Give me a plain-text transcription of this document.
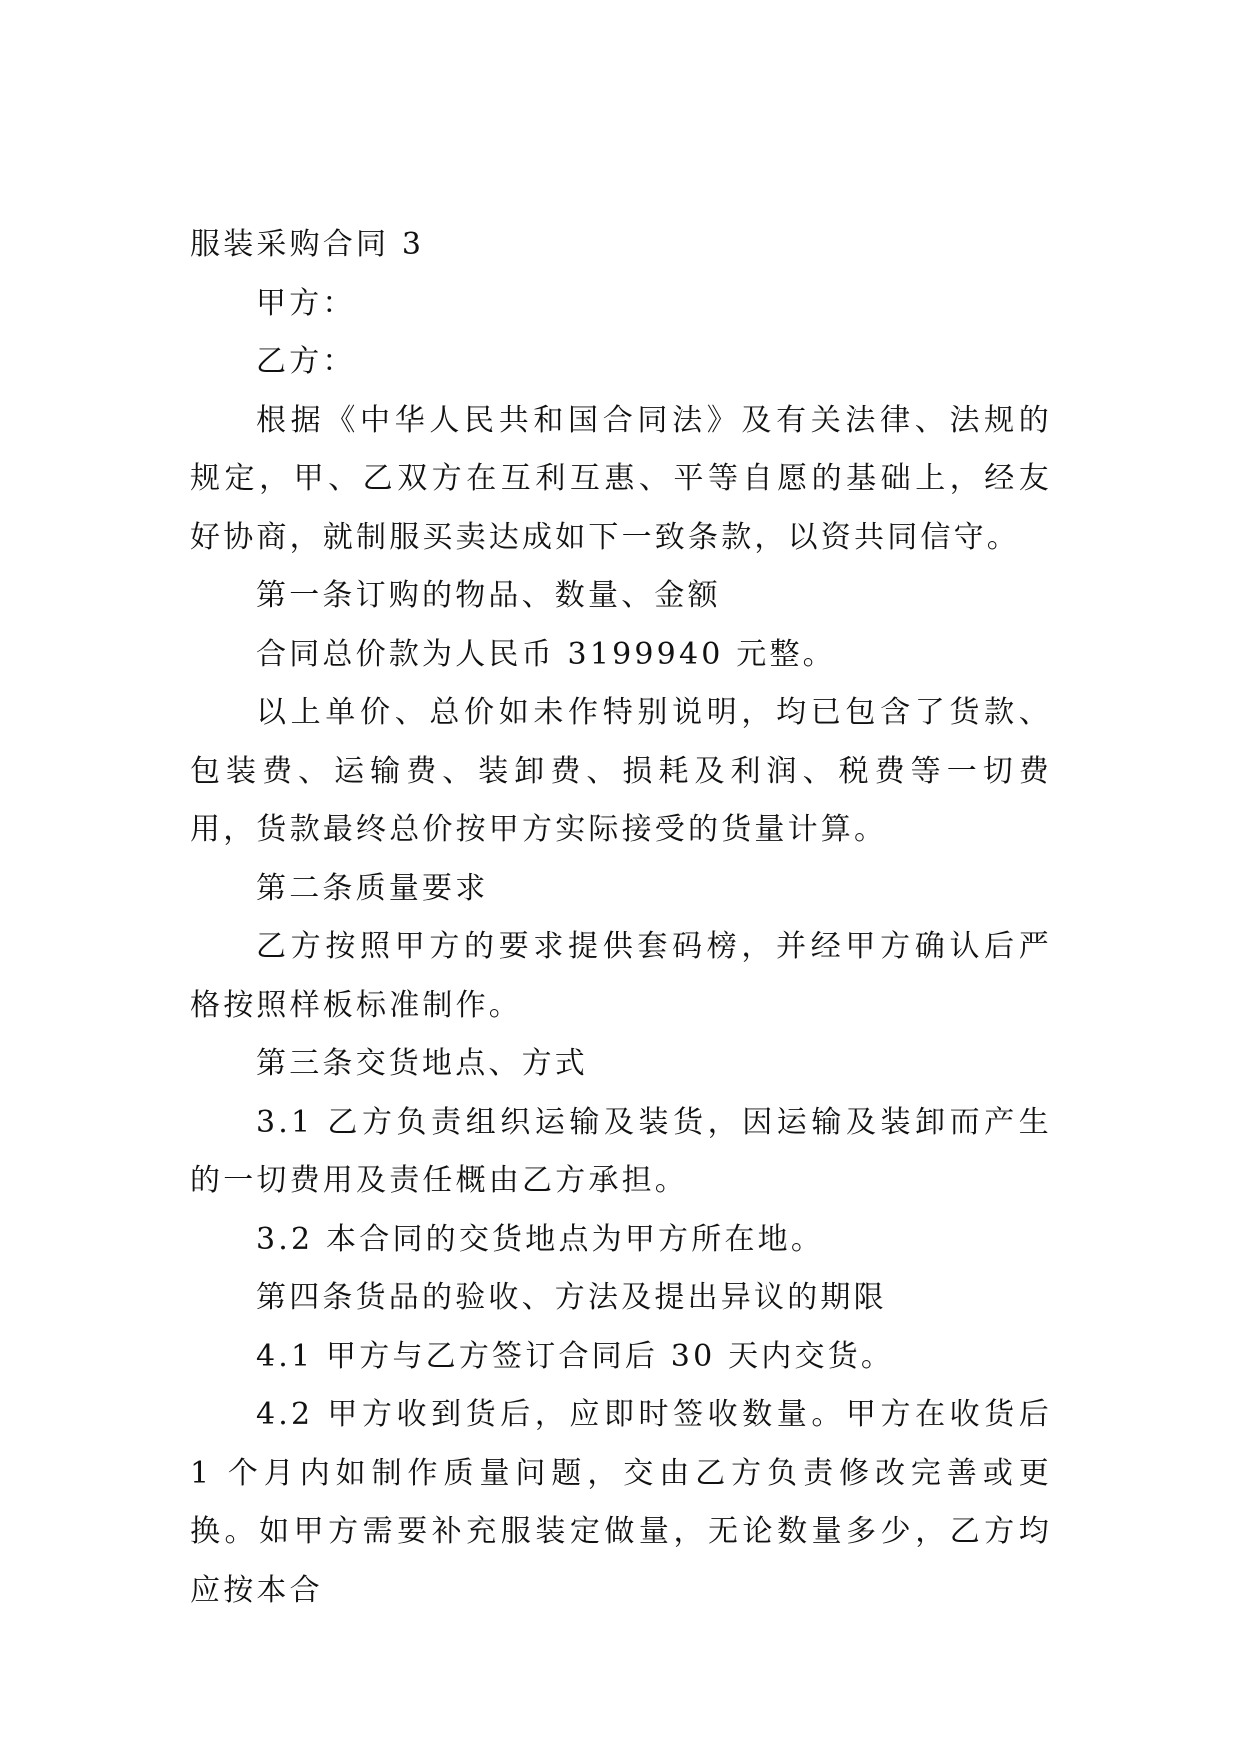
服装采购合同 3

甲方：

乙方：

根据《中华人民共和国合同法》及有关法律、法规的规定，甲、乙双方在互利互惠、平等自愿的基础上，经友好协商，就制服买卖达成如下一致条款，以资共同信守。

第一条订购的物品、数量、金额

合同总价款为人民币 3199940 元整。

以上单价、总价如未作特别说明，均已包含了货款、包装费、运输费、装卸费、损耗及利润、税费等一切费用，货款最终总价按甲方实际接受的货量计算。

第二条质量要求

乙方按照甲方的要求提供套码榜，并经甲方确认后严格按照样板标准制作。

第三条交货地点、方式

3.1 乙方负责组织运输及装货，因运输及装卸而产生的一切费用及责任概由乙方承担。

3.2 本合同的交货地点为甲方所在地。

第四条货品的验收、方法及提出异议的期限

4.1 甲方与乙方签订合同后 30 天内交货。

4.2 甲方收到货后，应即时签收数量。甲方在收货后 1 个月内如制作质量问题，交由乙方负责修改完善或更换。如甲方需要补充服装定做量，无论数量多少，乙方均应按本合
